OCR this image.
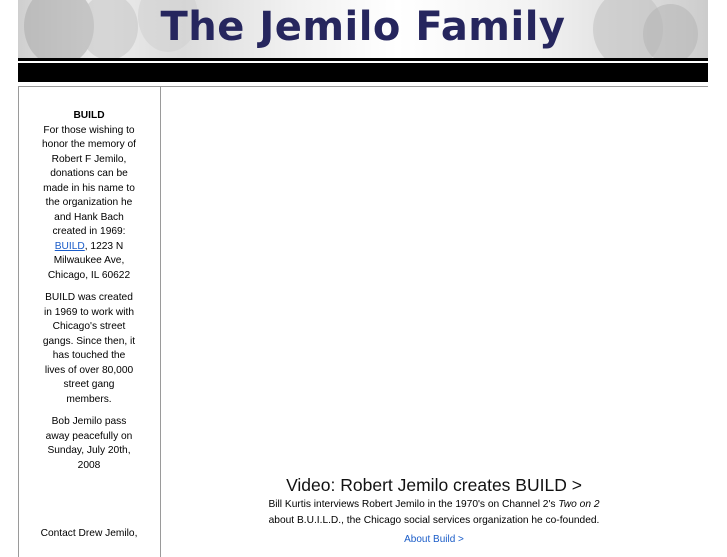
The Jemilo Family

BUILD
For those wishing to honor the memory of Robert F Jemilo, donations can be made in his name to the organization he and Hank Bach created in 1969:
BUILD, 1223 N Milwaukee Ave, Chicago, IL 60622

BUILD was created in 1969 to work with Chicago's street gangs. Since then, it has touched the lives of over 80,000 street gang members.

Bob Jemilo pass away peacefully on Sunday, July 20th, 2008

Contact Drew Jemilo,
Video: Robert Jemilo creates BUILD >
Bill Kurtis interviews Robert Jemilo in the 1970's on Channel 2's Two on 2
about B.U.I.L.D., the Chicago social services organization he co-founded.
About Build >
